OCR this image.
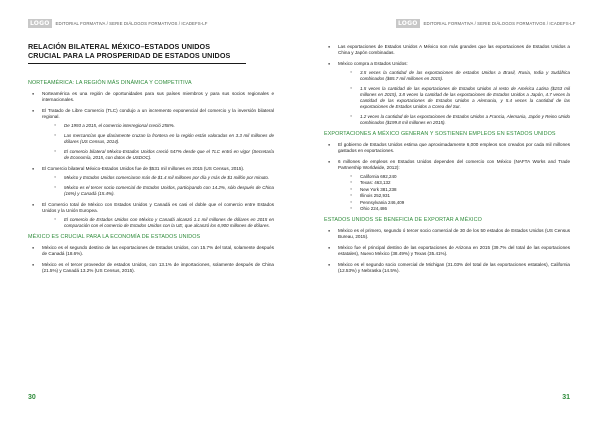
LOGO	EDITORIAL FORMATIVA / SERIE DIÁLOGOS FORMATIVOS / ICADEFS-LF
RELACIÓN BILATERAL MÉXICO–ESTADOS UNIDOS
CRUCIAL PARA LA PROSPERIDAD DE ESTADOS UNIDOS
NORTEAMÉRICA: LA REGIÓN MÁS DINÁMICA Y COMPETITIVA
● Norteamérica es una región de oportunidades para sus países miembros y para sus socios regionales e internacionales.
● El Tratado de Libre Comercio (TLC) condujo a un incremento exponencial del comercio y la inversión bilateral regional.
○ De 1993 a 2015, el comercio interregional creció 258%.
○ Las mercancías que diariamente cruzan la frontera en la región están valoradas en 3.3 mil millones de dólares (US Census, 2014).
○ El comercio bilateral México-Estados Unidos creció 547% desde que el TLC entró en vigor (Secretaría de Economía, 2015, con datos de USDOC).
● El Comercio bilateral México-Estados Unidos fue de $531 mil millones en 2015 (US Census, 2015).
○ México y Estados Unidos comerciaron más de $1.4 mil millones por día y más de $1 millón por minuto.
○ México es el tercer socio comercial de Estados Unidos, participando con 14.2%, sólo después de China (16%) y Canadá (15.4%).
● El Comercio total de México con Estados Unidos y Canadá es casi el doble que el comercio entre Estados Unidos y la Unión Europea.
○ El comercio de Estados Unidos con México y Canadá alcanzó 1.1 mil millones de dólares en 2015 en comparación con el comercio de Estados Unidos con la UE, que alcanzó los 6,900 millones de dólares.
MÉXICO ES CRUCIAL PARA LA ECONOMÍA DE ESTADOS UNIDOS
● México es el segundo destino de las exportaciones de Estados Unidos, con 15.7% del total, solamente después de Canadá (18.6%).
● México es el tercer proveedor de estados Unidos, con 13.1% de importaciones, solamente después de China (21.5%) y Canadá 13.2% (US Census, 2015).
30
LOGO	EDITORIAL FORMATIVA / SERIE DIÁLOGOS FORMATIVOS / ICADEFS-LF
● Las exportaciones de Estados Unidos A México son más grandes que las exportaciones de Estados Unidos a China y Japón combinadas.
● México compra a Estados Unidos:
○ 3.5 veces la cantidad de las exportaciones de estados Unidos a Brasil, Rusia, India y Sudáfrica combinados ($65.7 mil millones en 2015).
○ 1.5 veces la cantidad de las exportaciones de Estados Unidos al resto de América Latina ($153 mil millones en 2015), 3.8 veces la cantidad de las exportaciones de Estados Unidos a Japón, 4.7 veces la cantidad de las exportaciones de Estados Unidos a Alemania, y 5.4 veces la cantidad de las exportaciones de Estados Unidos a Corea del Sur.
○ 1.2 veces la cantidad de las exportaciones de Estados Unidos a Francia, Alemania, Japón y Reino Unido combinados ($199.8 mil millones en 2015).
EXPORTACIONES A MÉXICO GENERAN Y SOSTIENEN EMPLEOS EN ESTADOS UNIDOS
● El gobierno de Estados Unidos estima que aproximadamente 6,000 empleos son creados por cada mil millones gastados en exportaciones.
● 6 millones de empleos en Estados Unidos dependen del comercio con México (NAFTA Works and Trade Partnership Worldwide, 2012):
○ California 692,240
○ Texas: 463,132
○ New York 381,238
○ Illinois 252,931
○ Pennsylvania 246,409
○ Ohio 224,486
ESTADOS UNIDOS SE BENEFICIA DE EXPORTAR A MÉXICO
● México es el primero, segundo ó tercer socio comercial de 30 de los 50 estados de Estados Unidos (US Census Bureau, 2015).
● México fue el principal destino de las exportaciones de Arizona en 2015 (39.7% del total de las exportaciones estatales), Nuevo México (38.49%) y Texas (35.41%).
● México es el segundo socio comercial de Michigan (31.03% del total de las exportaciones estatales), California (12.53%) y Nebraska (14.5%).
31
